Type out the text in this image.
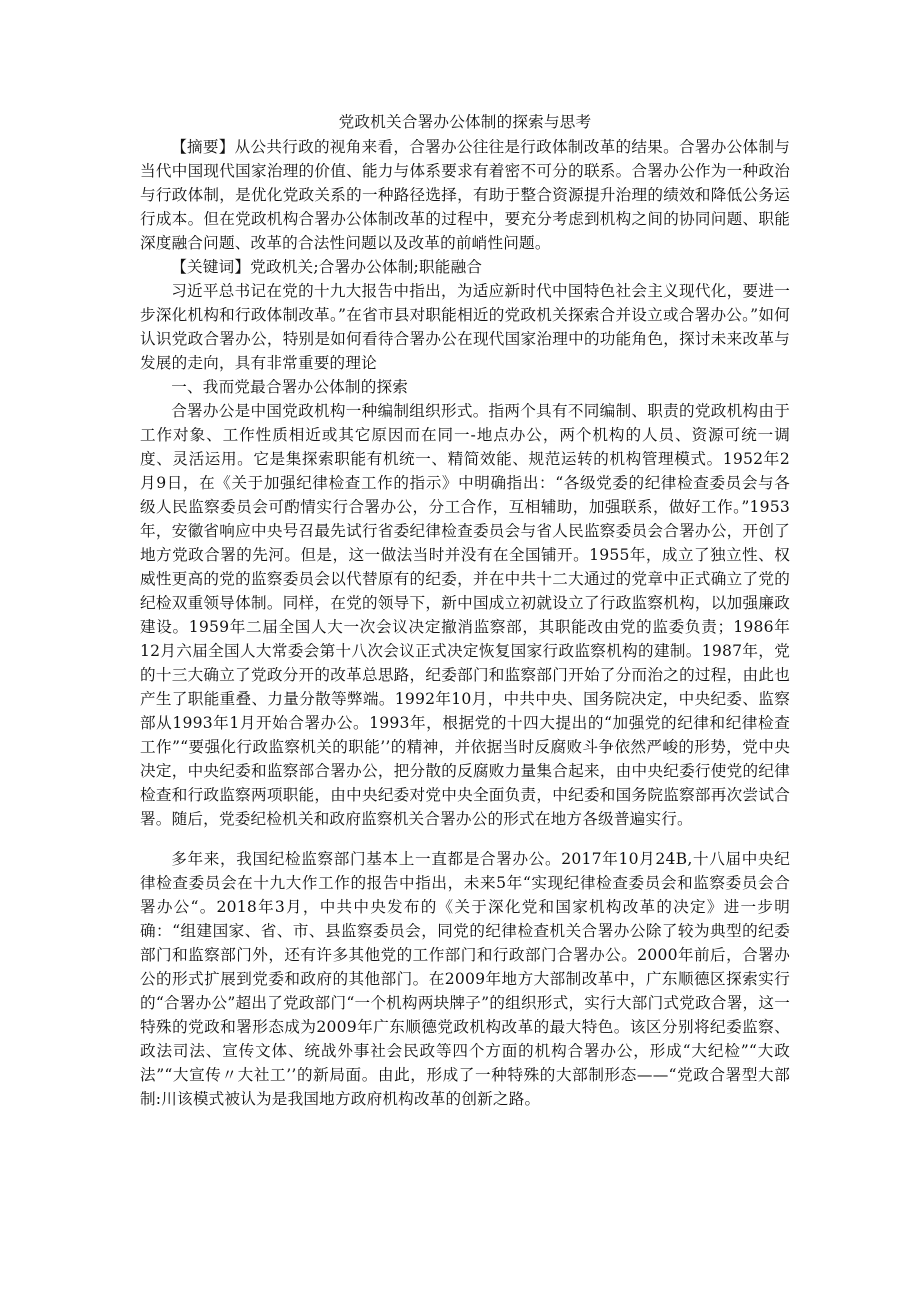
党政机关合署办公体制的探索与思考

【摘要】从公共行政的视角来看，合署办公往往是行政体制改革的结果。合署办公体制与当代中国现代国家治理的价值、能力与体系要求有着密不可分的联系。合署办公作为一种政治与行政体制，是优化党政关系的一种路径选择，有助于整合资源提升治理的绩效和降低公务运行成本。但在党政机构合署办公体制改革的过程中，要充分考虑到机构之间的协同问题、职能深度融合问题、改革的合法性问题以及改革的前峭性问题。

【关键词】党政机关;合署办公体制;职能融合

习近平总书记在党的十九大报告中指出，为适应新时代中国特色社会主义现代化，要进一步深化机构和行政体制改革。”在省市县对职能相近的党政机关探索合并设立或合署办公。”如何认识党政合署办公，特别是如何看待合署办公在现代国家治理中的功能角色，探讨未来改革与发展的走向，具有非常重要的理论

一、我而党最合署办公体制的探索

合署办公是中国党政机构一种编制组织形式。指两个具有不同编制、职责的党政机构由于工作对象、工作性质相近或其它原因而在同一-地点办公，两个机构的人员、资源可统一调度、灵活运用。它是集探索职能有机统一、精简效能、规范运转的机构管理模式。1952年2月9日，在《关于加强纪律检查工作的指示》中明确指出：“各级党委的纪律检查委员会与各级人民监察委员会可酌情实行合署办公，分工合作，互相辅助，加强联系，做好工作。”1953年，安徽省响应中央号召最先试行省委纪律检查委员会与省人民监察委员会合署办公，开创了地方党政合署的先河。但是，这一做法当时并没有在全国铺开。1955年，成立了独立性、权威性更高的党的监察委员会以代替原有的纪委，并在中共十二大通过的党章中正式确立了党的纪检双重领导体制。同样，在党的领导下，新中国成立初就设立了行政监察机构，以加强廉政建设。1959年二届全国人大一次会议决定撤消监察部，其职能改由党的监委负责；1986年12月六届全国人大常委会第十八次会议正式决定恢复国家行政监察机构的建制。1987年，党的十三大确立了党政分开的改革总思路，纪委部门和监察部门开始了分而治之的过程，由此也产生了职能重叠、力量分散等弊端。1992年10月，中共中央、国务院决定，中央纪委、监察部从1993年1月开始合署办公。1993年，根据党的十四大提出的“加强党的纪律和纪律检查工作”“要强化行政监察机关的职能’’的精神，并依据当时反腐败斗争依然严峻的形势，党中央决定，中央纪委和监察部合署办公，把分散的反腐败力量集合起来，由中央纪委行使党的纪律检查和行政监察两项职能，由中央纪委对党中央全面负责，中纪委和国务院监察部再次尝试合署。随后，党委纪检机关和政府监察机关合署办公的形式在地方各级普遍实行。

多年来，我国纪检监察部门基本上一直都是合署办公。2017年10月24B,十八届中央纪律检查委员会在十九大作工作的报告中指出，未来5年“实现纪律检查委员会和监察委员会合署办公“。2018年3月，中共中央发布的《关于深化党和国家机构改革的决定》进一步明确：“组建国家、省、市、县监察委员会，同党的纪律检查机关合署办公除了较为典型的纪委部门和监察部门外，还有许多其他党的工作部门和行政部门合署办公。2000年前后，合署办公的形式扩展到党委和政府的其他部门。在2009年地方大部制改革中，广东顺德区探索实行的“合署办公”超出了党政部门“一个机构两块牌子”的组织形式，实行大部门式党政合署，这一特殊的党政和署形态成为2009年广东顺德党政机构改革的最大特色。该区分别将纪委监察、政法司法、宣传文体、统战外事社会民政等四个方面的机构合署办公，形成“大纪检”“大政法”“大宣传〃大社工’’的新局面。由此，形成了一种特殊的大部制形态——“党政合署型大部制:川该模式被认为是我国地方政府机构改革的创新之路。
